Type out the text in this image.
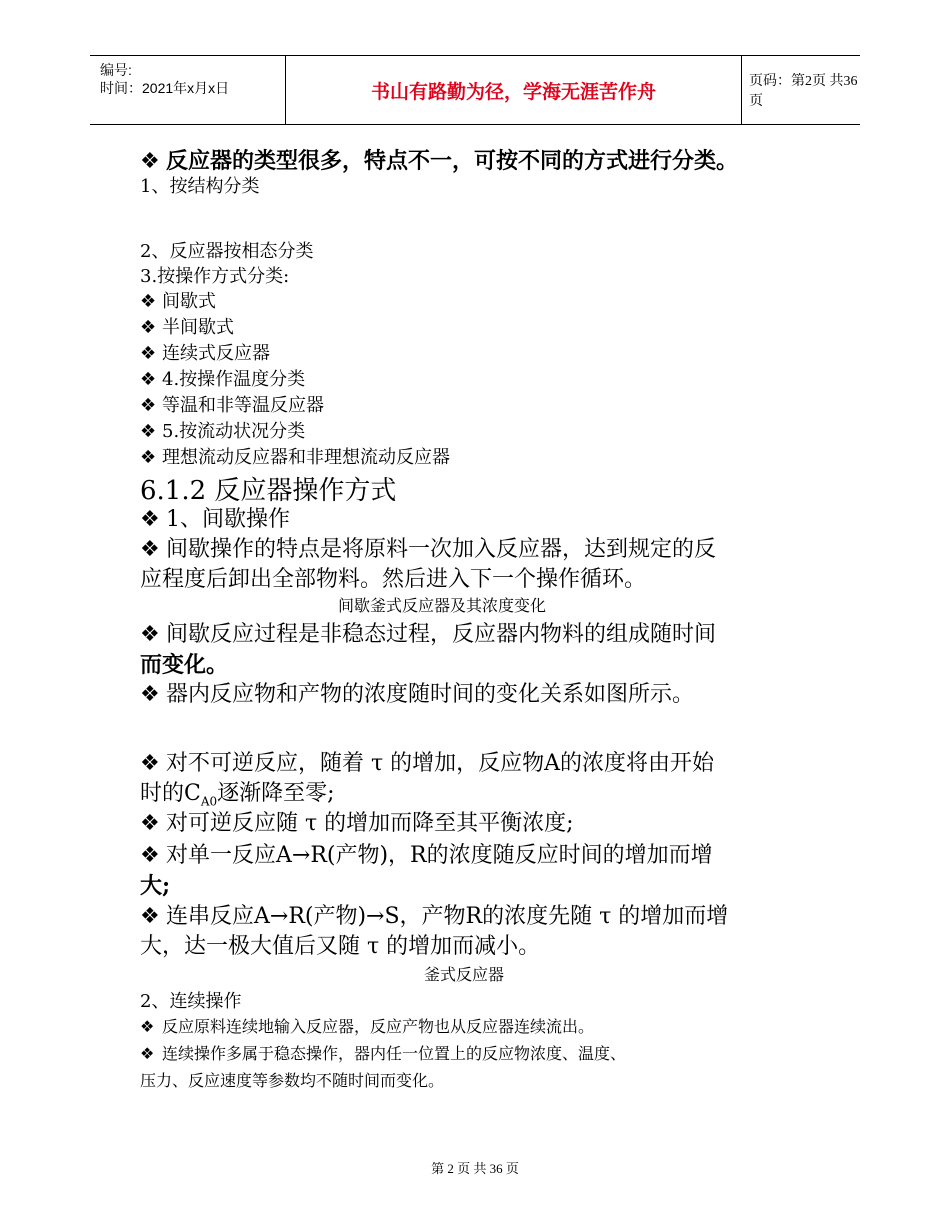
编号:
时间：2021年x月x日	书山有路勤为径，学海无涯苦作舟	页码：第2页 共36页
❖ 反应器的类型很多，特点不一，可按不同的方式进行分类。
1、按结构分类
2、反应器按相态分类
3.按操作方式分类:
❖ 间歇式
❖ 半间歇式
❖ 连续式反应器
❖ 4.按操作温度分类
❖ 等温和非等温反应器
❖ 5.按流动状况分类
❖ 理想流动反应器和非理想流动反应器
6.1.2 反应器操作方式
❖ 1、间歇操作
❖ 间歇操作的特点是将原料一次加入反应器，达到规定的反
应程度后卸出全部物料。然后进入下一个操作循环。
间歇釜式反应器及其浓度变化
❖ 间歇反应过程是非稳态过程，反应器内物料的组成随时间
而变化。
❖ 器内反应物和产物的浓度随时间的变化关系如图所示。
❖ 对不可逆反应，随着 τ 的增加，反应物A的浓度将由开始
时的$C_{A0}$逐渐降至零;
❖ 对可逆反应随 τ 的增加而降至其平衡浓度;
❖ 对单一反应A→R(产物)，R的浓度随反应时间的增加而增
大;
❖ 连串反应A→R(产物)→S，产物R的浓度先随 τ 的增加而增
大，达一极大值后又随 τ 的增加而减小。
釜式反应器
2、连续操作
❖ 反应原料连续地输入反应器，反应产物也从反应器连续流出。
❖ 连续操作多属于稳态操作，器内任一位置上的反应物浓度、温度、
压力、反应速度等参数均不随时间而变化。
第 2 页 共 36 页
